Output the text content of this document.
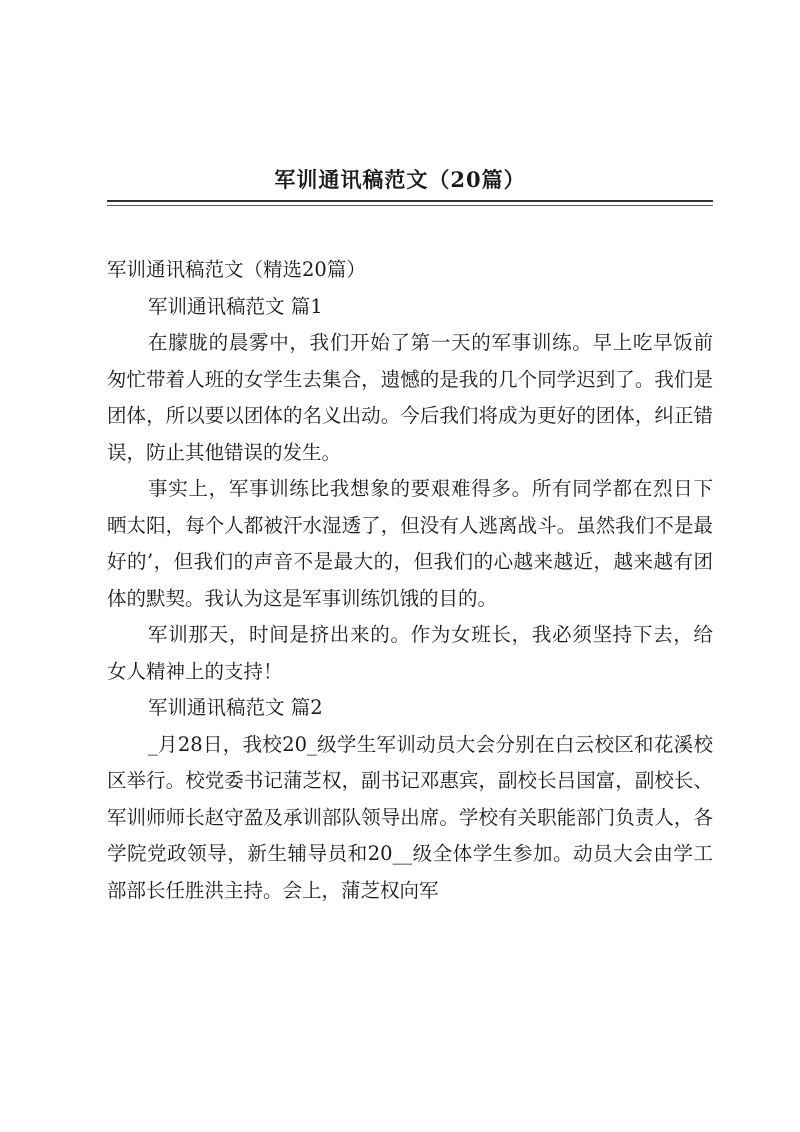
军训通讯稿范文（20篇）

军训通讯稿范文（精选20篇）

军训通讯稿范文 篇1

在朦胧的晨雾中，我们开始了第一天的军事训练。早上吃早饭前匆忙带着人班的女学生去集合，遗憾的是我的几个同学迟到了。我们是团体，所以要以团体的名义出动。今后我们将成为更好的团体，纠正错误，防止其他错误的发生。

事实上，军事训练比我想象的要艰难得多。所有同学都在烈日下晒太阳，每个人都被汗水湿透了，但没有人逃离战斗。虽然我们不是最好的’，但我们的声音不是最大的，但我们的心越来越近，越来越有团体的默契。我认为这是军事训练饥饿的目的。

军训那天，时间是挤出来的。作为女班长，我必须坚持下去，给女人精神上的支持！

军训通讯稿范文 篇2

_月28日，我校20_级学生军训动员大会分别在白云校区和花溪校区举行。校党委书记蒲芝权，副书记邓惠宾，副校长吕国富，副校长、军训师师长赵守盈及承训部队领导出席。学校有关职能部门负责人，各学院党政领导，新生辅导员和20__级全体学生参加。动员大会由学工部部长任胜洪主持。会上，蒲芝权向军
